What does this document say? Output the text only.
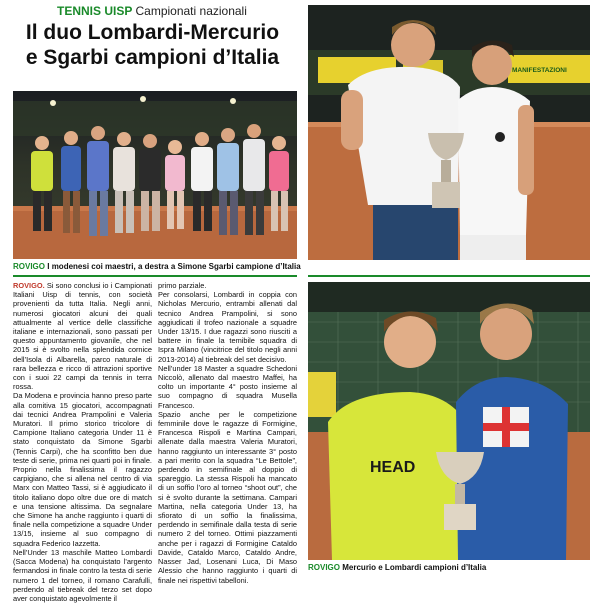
TENNIS UISP Campionati nazionali
Il duo Lombardi-Mercurio
e Sgarbi campioni d’Italia
ROVIGO I modenesi coi maestri, a destra a Simone Sgarbi campione d’Italia
MANIFESTAZIONI

ROVIGO. Si sono conclusi io i Campionati Italiani Uisp di tennis, con società provenienti da tutta Italia. Negli anni, numerosi giocatori alcuni dei quali attualmente al vertice delle classifiche italiane e internazionali, sono passati per questo appuntamento giovanile, che nel 2015 si è svolto nella splendida cornice dell’Isola di Albarella, parco naturale di rara bellezza e ricco di attrazioni sportive con i suoi 22 campi da tennis in terra rossa.

Da Modena e provincia hanno preso parte alla comitiva 15 giocatori, accompagnati dai tecnici Andrea Prampolini e Valeria Muratori. Il primo storico tricolore di Campione Italiano categoria Under 11 è stato conquistato da Simone Sgarbi (Tennis Carpi), che ha sconfitto ben due teste di serie, prima nei quarti poi in finale. Proprio nella finalissima il ragazzo carpigiano, che si allena nel centro di via Marx con Matteo Tassi, si è aggiudicato il titolo italiano dopo oltre due ore di match e una tensione altissima. Da segnalare che Simone ha anche raggiunto i quarti di finale nella competizione a squadre Under 13/15, insieme al suo compagno di squadra Federico Iazzetta.

Nell’Under 13 maschile Matteo Lombardi (Sacca Modena) ha conquistato l’argento fermandosi in finale contro la testa di serie numero 1 del torneo, il romano Carafulli, perdendo al tiebreak del terzo set dopo aver conquistato agevolmente il

primo parziale.

Per consolarsi, Lombardi in coppia con Nicholas Mercurio, entrambi allenati dal tecnico Andrea Prampolini, si sono aggiudicati il trofeo nazionale a squadre Under 13/15. I due ragazzi sono riusciti a battere in finale la temibile squadra di Ispra Milano (vincitrice del titolo negli anni 2013-2014) al tiebreak del set decisivo.

Nell’under 18 Master a squadre Schedoni Niccolò, allenato dal maestro Maffei, ha colto un importante 4° posto insieme al suo compagno di squadra Musella Francesco.

Spazio anche per le competizione femminile dove le ragazze di Formigine, Francesca Rispoli e Martina Campari, allenate dalla maestra Valeria Muratori, hanno raggiunto un interessante 3° posto a pari merito con la squadra “Le Bettole”, perdendo in semifinale al doppio di spareggio. La stessa Rispoli ha mancato di un soffio l’oro al torneo “shoot out”, che si è svolto durante la settimana. Campari Martina, nella categoria Under 13, ha sfiorato di un soffio la finalissima, perdendo in semifinale dalla testa di serie numero 2 del torneo. Ottimi piazzamenti anche per i ragazzi di Formigine Cataldo Davide, Cataldo Marco, Cataldo Andre, Nasser Jad, Losenani Luca, Di Maso Alessio che hanno raggiunto i quarti di finale nei rispettivi tabelloni.

HEAD
ROVIGO Mercurio e Lombardi campioni d’Italia
